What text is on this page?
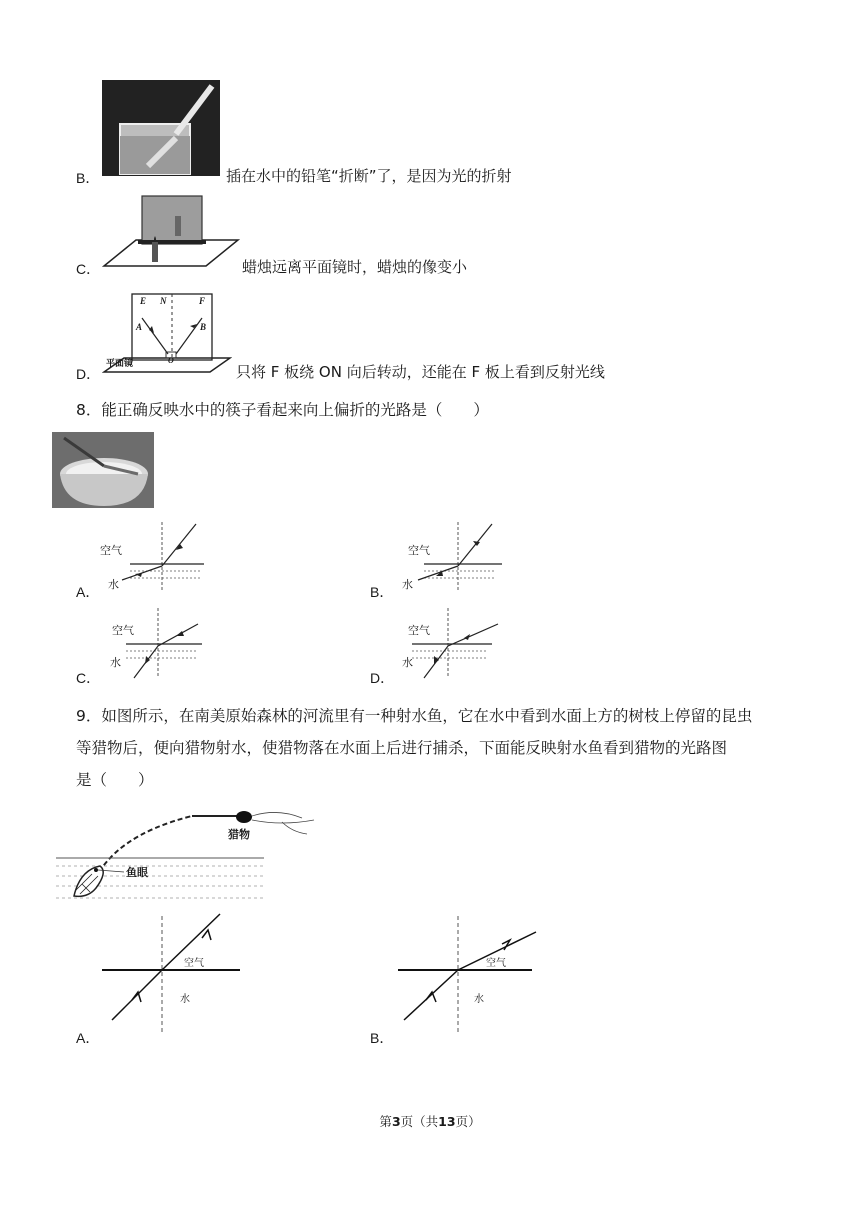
B．	插在水中的铅笔“折断”了，是因为光的折射
C．	蜡烛远离平面镜时，蜡烛的像变小
E N	F
A	B
O
平面镜
D．	只将 F 板绕 ON 向后转动，还能在 F 板上看到反射光线
8．能正确反映水中的筷子看起来向上偏折的光路是（　　）
A．
空气
水	B．
空气
水
C．
空气
水
D．
空气
水
9．如图所示，在南美原始森林的河流里有一种射水鱼，它在水中看到水面上方的树枝上停留的昆虫
等猎物后，便向猎物射水，使猎物落在水面上后进行捕杀，下面能反映射水鱼看到猎物的光路图
是（　　）
猎物
鱼眼
A．
空气
水
B．
空气
水
第3页（共13页）
